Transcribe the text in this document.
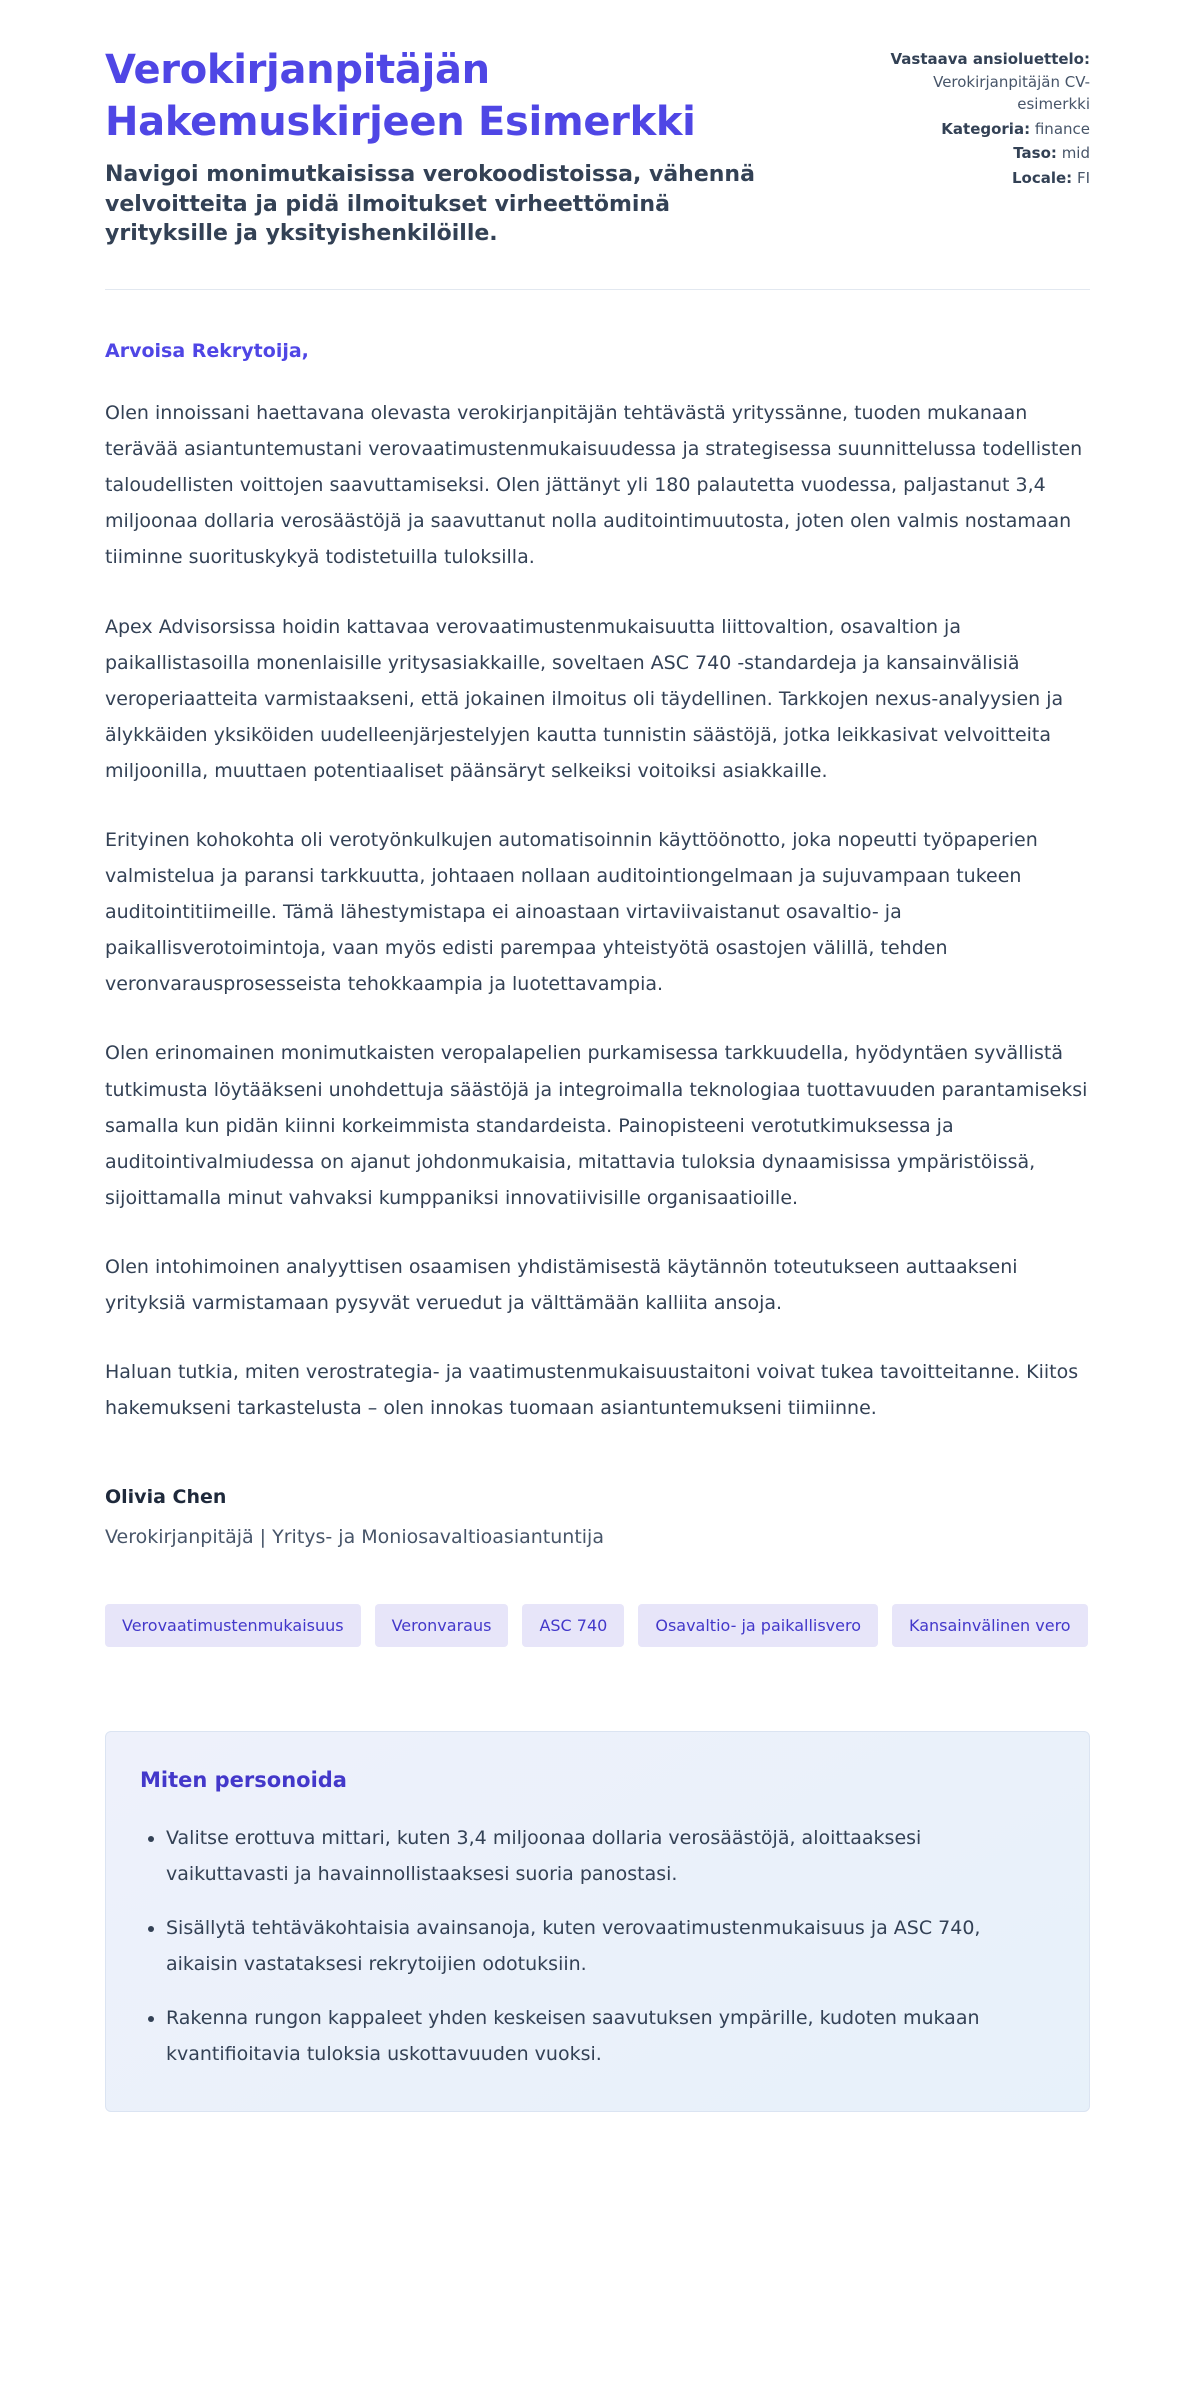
Verokirjanpitäjän Hakemuskirjeen Esimerkki

Navigoi monimutkaisissa verokoodistoissa, vähennä velvoitteita ja pidä ilmoitukset virheettöminä yrityksille ja yksityishenkilöille.

Vastaava ansioluettelo: Verokirjanpitäjän CV-esimerkki
Kategoria: finance
Taso: mid
Locale: FI

Arvoisa Rekrytoija,

Olen innoissani haettavana olevasta verokirjanpitäjän tehtävästä yrityssänne, tuoden mukanaan terävää asiantuntemustani verovaatimustenmukaisuudessa ja strategisessa suunnittelussa todellisten taloudellisten voittojen saavuttamiseksi. Olen jättänyt yli 180 palautetta vuodessa, paljastanut 3,4 miljoonaa dollaria verosäästöjä ja saavuttanut nolla auditointimuutosta, joten olen valmis nostamaan tiiminne suorituskykyä todistetuilla tuloksilla.

Apex Advisorsissa hoidin kattavaa verovaatimustenmukaisuutta liittovaltion, osavaltion ja paikallistasoilla monenlaisille yritysasiakkaille, soveltaen ASC 740 -standardeja ja kansainvälisiä veroperiaatteita varmistaakseni, että jokainen ilmoitus oli täydellinen. Tarkkojen nexus-analyysien ja älykkäiden yksiköiden uudelleenjärjestelyjen kautta tunnistin säästöjä, jotka leikkasivat velvoitteita miljoonilla, muuttaen potentiaaliset päänsäryt selkeiksi voitoiksi asiakkaille.

Erityinen kohokohta oli verotyönkulkujen automatisoinnin käyttöönotto, joka nopeutti työpaperien valmistelua ja paransi tarkkuutta, johtaaen nollaan auditointiongelmaan ja sujuvampaan tukeen auditointitiimeille. Tämä lähestymistapa ei ainoastaan virtaviivaistanut osavaltio- ja paikallisverotoimintoja, vaan myös edisti parempaa yhteistyötä osastojen välillä, tehden veronvarausprosesseista tehokkaampia ja luotettavampia.

Olen erinomainen monimutkaisten veropalapelien purkamisessa tarkkuudella, hyödyntäen syvällistä tutkimusta löytääkseni unohdettuja säästöjä ja integroimalla teknologiaa tuottavuuden parantamiseksi samalla kun pidän kiinni korkeimmista standardeista. Painopisteeni verotutkimuksessa ja auditointivalmiudessa on ajanut johdonmukaisia, mitattavia tuloksia dynaamisissa ympäristöissä, sijoittamalla minut vahvaksi kumppaniksi innovatiivisille organisaatioille.

Olen intohimoinen analyyttisen osaamisen yhdistämisestä käytännön toteutukseen auttaakseni yrityksiä varmistamaan pysyvät veruedut ja välttämään kalliita ansoja.

Haluan tutkia, miten verostrategia- ja vaatimustenmukaisuustaitoni voivat tukea tavoitteitanne. Kiitos hakemukseni tarkastelusta – olen innokas tuomaan asiantuntemukseni tiimiinne.

Olivia Chen

Verokirjanpitäjä | Yritys- ja Moniosavaltioasiantuntija

Verovaatimustenmukaisuus	Veronvaraus	ASC 740	Osavaltio- ja paikallisvero	Kansainvälinen vero
Miten personoida
• Valitse erottuva mittari, kuten 3,4 miljoonaa dollaria verosäästöjä, aloittaaksesi vaikuttavasti ja havainnollistaaksesi suoria panostasi.
• Sisällytä tehtäväkohtaisia avainsanoja, kuten verovaatimustenmukaisuus ja ASC 740, aikaisin vastataksesi rekrytoijien odotuksiin.
• Rakenna rungon kappaleet yhden keskeisen saavutuksen ympärille, kudoten mukaan kvantifioitavia tuloksia uskottavuuden vuoksi.
